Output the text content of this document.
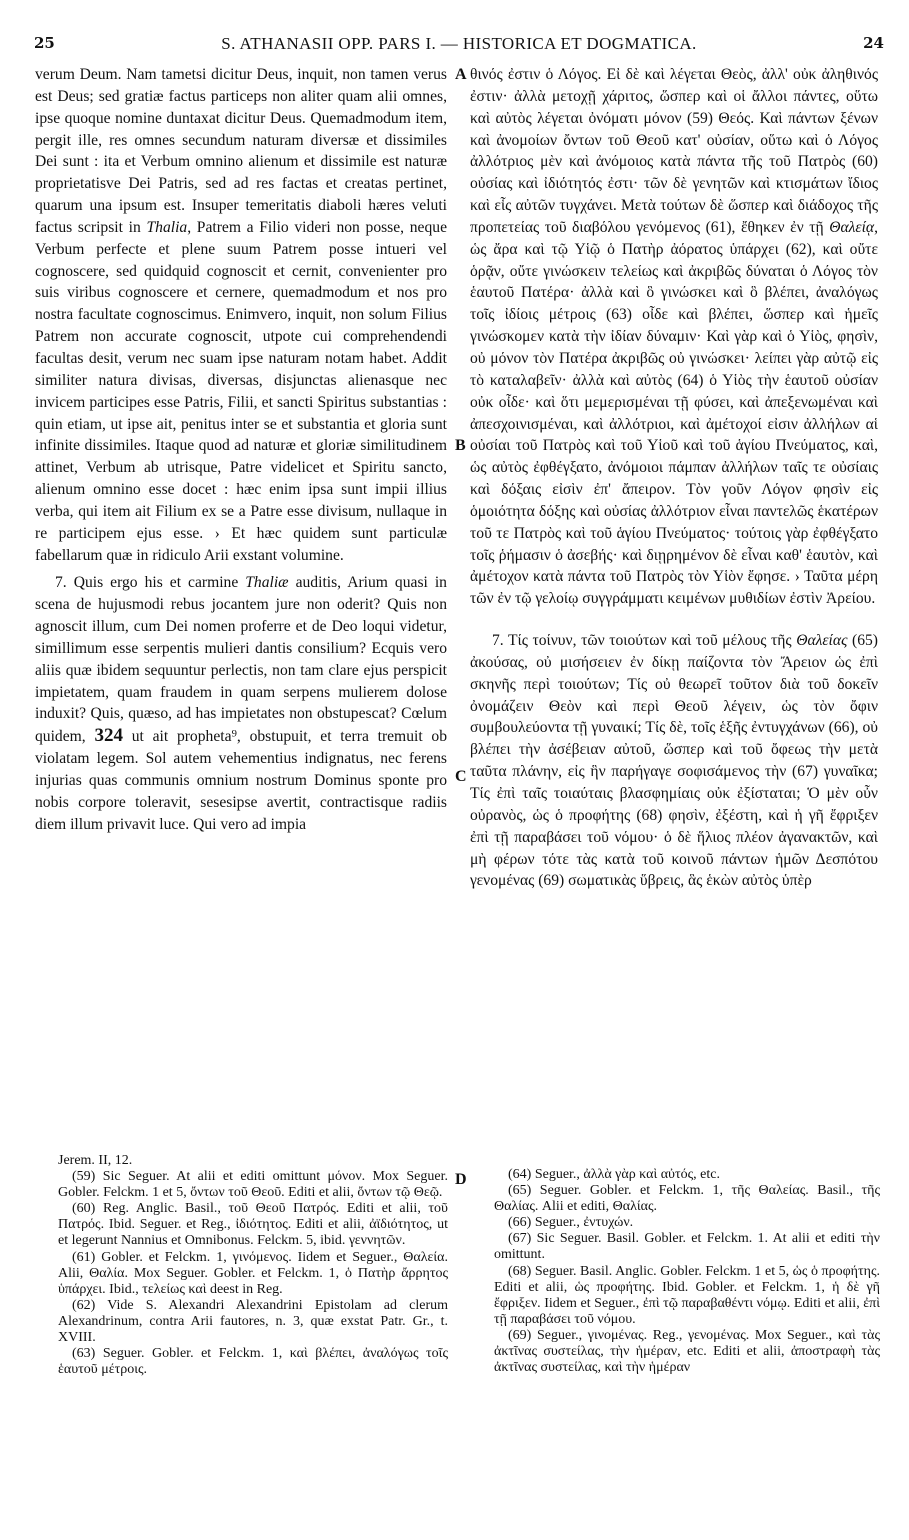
25	S. ATHANASII OPP. PARS I. — HISTORICA ET DOGMATICA.	24
A
B
C
D

verum Deum. Nam tametsi dicitur Deus, inquit, non tamen verus est Deus; sed gratiæ factus particeps non aliter quam alii omnes, ipse quoque nomine duntaxat dicitur Deus. Quemadmodum item, pergit ille, res omnes secundum naturam diversæ et dissimiles Dei sunt : ita et Verbum omnino alienum et dissimile est naturæ proprietatisve Dei Patris, sed ad res factas et creatas pertinet, quarum una ipsum est. Insuper temeritatis diaboli hæres veluti factus scripsit in Thalia, Patrem a Filio videri non posse, neque Verbum perfecte et plene suum Patrem posse intueri vel cognoscere, sed quidquid cognoscit et cernit, convenienter pro suis viribus cognoscere et cernere, quemadmodum et nos pro nostra facultate cognoscimus. Enimvero, inquit, non solum Filius Patrem non accurate cognoscit, utpote cui comprehendendi facultas desit, verum nec suam ipse naturam notam habet. Addit similiter natura divisas, diversas, disjunctas alienasque nec invicem participes esse Patris, Filii, et sancti Spiritus substantias : quin etiam, ut ipse ait, penitus inter se et substantia et gloria sunt infinite dissimiles. Itaque quod ad naturæ et gloriæ similitudinem attinet, Verbum ab utrisque, Patre videlicet et Spiritu sancto, alienum omnino esse docet : hæc enim ipsa sunt impii illius verba, qui item ait Filium ex se a Patre esse divisum, nullaque in re participem ejus esse. › Et hæc quidem sunt particulæ fabellarum quæ in ridiculo Arii exstant volumine.

7. Quis ergo his et carmine Thaliæ auditis, Arium quasi in scena de hujusmodi rebus jocantem jure non oderit? Quis non agnoscit illum, cum Dei nomen proferre et de Deo loqui videtur, simillimum esse serpentis mulieri dantis consilium? Ecquis vero aliis quæ ibidem sequuntur perlectis, non tam clare ejus perspicit impietatem, quam fraudem in quam serpens mulierem dolose induxit? Quis, quæso, ad has impietates non obstupescat? Cœlum quidem, 324 ut ait propheta⁹, obstupuit, et terra tremuit ob violatam legem. Sol autem vehementius indignatus, nec ferens injurias quas communis omnium nostrum Dominus sponte pro nobis corpore toleravit, sesesipse avertit, contractisque radiis diem illum privavit luce. Qui vero ad impia

θινός ἐστιν ὁ Λόγος. Εἰ δὲ καὶ λέγεται Θεὸς, ἀλλ' οὐκ ἀληθινός ἐστιν· ἀλλὰ μετοχῇ χάριτος, ὥσπερ καὶ οἱ ἄλλοι πάντες, οὕτω καὶ αὐτὸς λέγεται ὀνόματι μόνον (59) Θεός. Καὶ πάντων ξένων καὶ ἀνομοίων ὄντων τοῦ Θεοῦ κατ' οὐσίαν, οὕτω καὶ ὁ Λόγος ἀλλότριος μὲν καὶ ἀνόμοιος κατὰ πάντα τῆς τοῦ Πατρὸς (60) οὐσίας καὶ ἰδιότητός ἐστι· τῶν δὲ γενητῶν καὶ κτισμάτων ἴδιος καὶ εἷς αὐτῶν τυγχάνει. Μετὰ τούτων δὲ ὥσπερ καὶ διάδοχος τῆς προπετείας τοῦ διαβόλου γενόμενος (61), ἔθηκεν ἐν τῇ Θαλείᾳ, ὡς ἄρα καὶ τῷ Υἱῷ ὁ Πατὴρ ἀόρατος ὑπάρχει (62), καὶ οὔτε ὁρᾷν, οὔτε γινώσκειν τελείως καὶ ἀκριβῶς δύναται ὁ Λόγος τὸν ἑαυτοῦ Πατέρα· ἀλλὰ καὶ ὃ γινώσκει καὶ ὃ βλέπει, ἀναλόγως τοῖς ἰδίοις μέτροις (63) οἶδε καὶ βλέπει, ὥσπερ καὶ ἡμεῖς γινώσκομεν κατὰ τὴν ἰδίαν δύναμιν· Καὶ γὰρ καὶ ὁ Υἱὸς, φησὶν, οὐ μόνον τὸν Πατέρα ἀκριβῶς οὐ γινώσκει· λείπει γὰρ αὐτῷ εἰς τὸ καταλαβεῖν· ἀλλὰ καὶ αὐτὸς (64) ὁ Υἱὸς τὴν ἑαυτοῦ οὐσίαν οὐκ οἶδε· καὶ ὅτι μεμερισμέναι τῇ φύσει, καὶ ἀπεξενωμέναι καὶ ἀπεσχοινισμέναι, καὶ ἀλλότριοι, καὶ ἀμέτοχοί εἰσιν ἀλλήλων αἱ οὐσίαι τοῦ Πατρὸς καὶ τοῦ Υἱοῦ καὶ τοῦ ἁγίου Πνεύματος, καὶ, ὡς αὐτὸς ἐφθέγξατο, ἀνόμοιοι πάμπαν ἀλλήλων ταῖς τε οὐσίαις καὶ δόξαις εἰσὶν ἐπ' ἄπειρον. Τὸν γοῦν Λόγον φησὶν εἰς ὁμοιότητα δόξης καὶ οὐσίας ἀλλότριον εἶναι παντελῶς ἑκατέρων τοῦ τε Πατρὸς καὶ τοῦ ἁγίου Πνεύματος· τούτοις γὰρ ἐφθέγξατο τοῖς ῥήμασιν ὁ ἀσεβής· καὶ διῃρημένον δὲ εἶναι καθ' ἑαυτὸν, καὶ ἀμέτοχον κατὰ πάντα τοῦ Πατρὸς τὸν Υἱὸν ἔφησε. › Ταῦτα μέρη τῶν ἐν τῷ γελοίῳ συγγράμματι κειμένων μυθιδίων ἐστὶν Ἀρείου.

7. Τίς τοίνυν, τῶν τοιούτων καὶ τοῦ μέλους τῆς Θαλείας (65) ἀκούσας, οὐ μισήσειεν ἐν δίκῃ παίζοντα τὸν Ἄρειον ὡς ἐπὶ σκηνῆς περὶ τοιούτων; Τίς οὐ θεωρεῖ τοῦτον διὰ τοῦ δοκεῖν ὀνομάζειν Θεὸν καὶ περὶ Θεοῦ λέγειν, ὡς τὸν ὄφιν συμβουλεύοντα τῇ γυναικί; Τίς δὲ, τοῖς ἑξῆς ἐντυγχάνων (66), οὐ βλέπει τὴν ἀσέβειαν αὐτοῦ, ὥσπερ καὶ τοῦ ὄφεως τὴν μετὰ ταῦτα πλάνην, εἰς ἣν παρήγαγε σοφισάμενος τὴν (67) γυναῖκα; Τίς ἐπὶ ταῖς τοιαύταις βλασφημίαις οὐκ ἐξίσταται; Ὁ μὲν οὖν οὐρανὸς, ὡς ὁ προφήτης (68) φησὶν, ἐξέστη, καὶ ἡ γῆ ἔφριξεν ἐπὶ τῇ παραβάσει τοῦ νόμου· ὁ δὲ ἥλιος πλέον ἀγανακτῶν, καὶ μὴ φέρων τότε τὰς κατὰ τοῦ κοινοῦ πάντων ἡμῶν Δεσπότου γενομένας (69) σωματικὰς ὕβρεις, ἃς ἑκὼν αὐτὸς ὑπὲρ

Jerem. II, 12.

(59) Sic Seguer. At alii et editi omittunt μόνον. Mox Seguer. Gobler. Felckm. 1 et 5, ὄντων τοῦ Θεοῦ. Editi et alii, ὄντων τῷ Θεῷ.

(60) Reg. Anglic. Basil., τοῦ Θεοῦ Πατρός. Editi et alii, τοῦ Πατρός. Ibid. Seguer. et Reg., ἰδιότητος. Editi et alii, ἀϊδιότητος, ut et legerunt Nannius et Omnibonus. Felckm. 5, ibid. γεννητῶν.

(61) Gobler. et Felckm. 1, γινόμενος. Iidem et Seguer., Θαλεία. Alii, Θαλία. Mox Seguer. Gobler. et Felckm. 1, ὁ Πατὴρ ἄρρητος ὑπάρχει. Ibid., τελείως καὶ deest in Reg.

(62) Vide S. Alexandri Alexandrini Epistolam ad clerum Alexandrinum, contra Arii fautores, n. 3, quæ exstat Patr. Gr., t. XVIII.

(63) Seguer. Gobler. et Felckm. 1, καὶ βλέπει, ἀναλόγως τοῖς ἑαυτοῦ μέτροις.

(64) Seguer., ἀλλὰ γὰρ καὶ αὐτός, etc.

(65) Seguer. Gobler. et Felckm. 1, τῆς Θαλείας. Basil., τῆς Θαλίας. Alii et editi, Θαλίας.

(66) Seguer., ἐντυχών.

(67) Sic Seguer. Basil. Gobler. et Felckm. 1. At alii et editi τὴν omittunt.

(68) Seguer. Basil. Anglic. Gobler. Felckm. 1 et 5, ὡς ὁ προφήτης. Editi et alii, ὡς προφήτης. Ibid. Gobler. et Felckm. 1, ἡ δὲ γῆ ἔφριξεν. Iidem et Seguer., ἐπὶ τῷ παραβαθέντι νόμῳ. Editi et alii, ἐπὶ τῇ παραβάσει τοῦ νόμου.

(69) Seguer., γινομένας. Reg., γενομένας. Mox Seguer., καὶ τὰς ἀκτῖνας συστείλας, τὴν ἡμέραν, etc. Editi et alii, ἀποστραφὴ τὰς ἀκτῖνας συστείλας, καὶ τὴν ἡμέραν
